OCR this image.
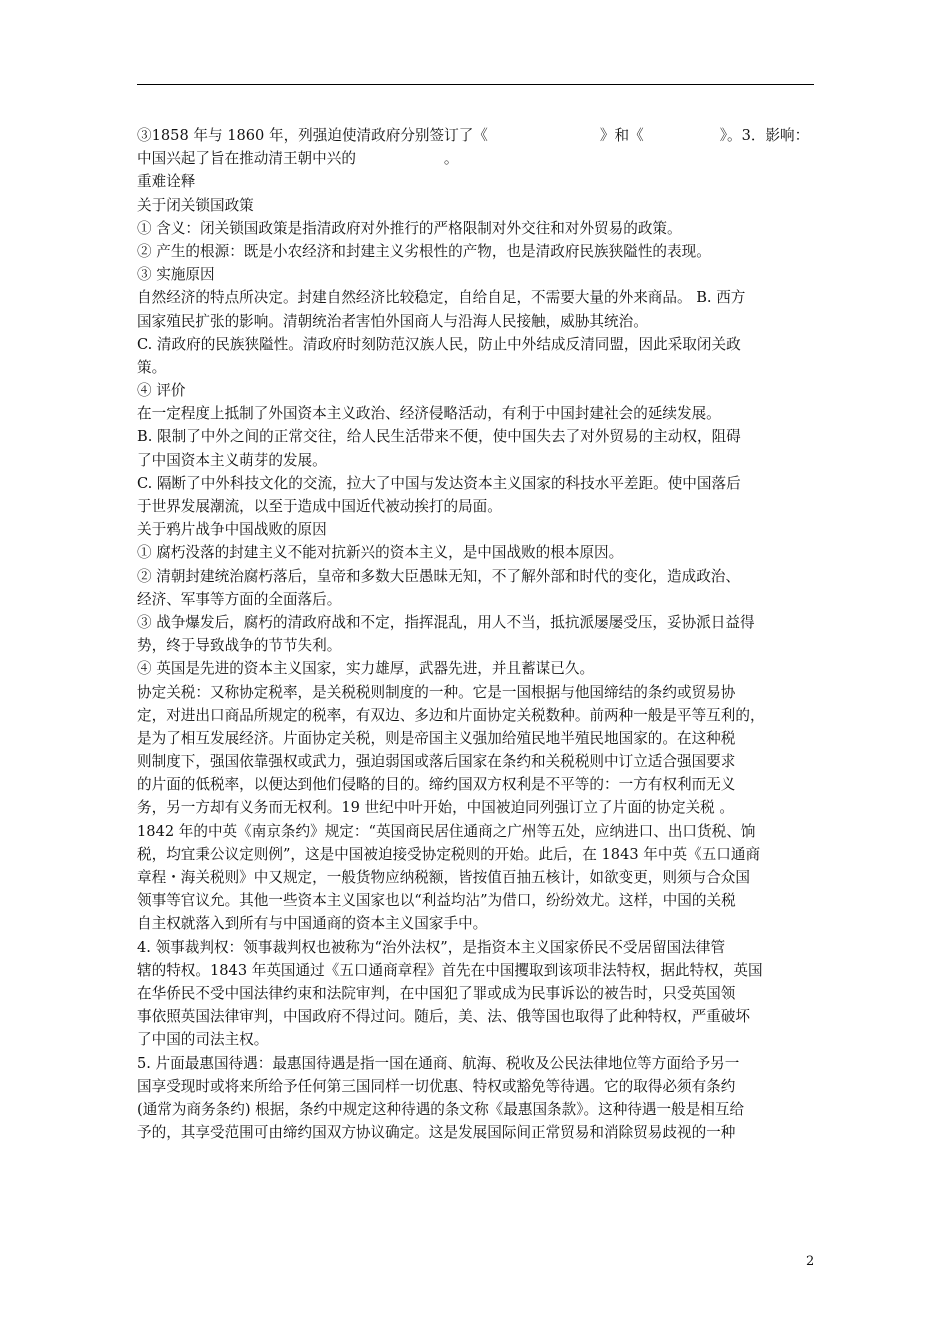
③1858 年与 1860 年，列强迫使清政府分别签订了《	》和《	》。3．影响：
中国兴起了旨在推动清王朝中兴的	。
重难诠释
关于闭关锁国政策
① 含义：闭关锁国政策是指清政府对外推行的严格限制对外交往和对外贸易的政策。
② 产生的根源：既是小农经济和封建主义劣根性的产物，也是清政府民族狭隘性的表现。
③ 实施原因
自然经济的特点所决定。封建自然经济比较稳定，自给自足，不需要大量的外来商品。 B. 西方
国家殖民扩张的影响。清朝统治者害怕外国商人与沿海人民接触，威胁其统治。
C. 清政府的民族狭隘性。清政府时刻防范汉族人民，防止中外结成反清同盟，因此采取闭关政
策。
④ 评价
在一定程度上抵制了外国资本主义政治、经济侵略活动，有利于中国封建社会的延续发展。
B. 限制了中外之间的正常交往，给人民生活带来不便，使中国失去了对外贸易的主动权，阻碍
了中国资本主义萌芽的发展。
C. 隔断了中外科技文化的交流，拉大了中国与发达资本主义国家的科技水平差距。使中国落后
于世界发展潮流，以至于造成中国近代被动挨打的局面。
关于鸦片战争中国战败的原因
① 腐朽没落的封建主义不能对抗新兴的资本主义，是中国战败的根本原因。
② 清朝封建统治腐朽落后，皇帝和多数大臣愚昧无知，不了解外部和时代的变化，造成政治、
经济、军事等方面的全面落后。
③ 战争爆发后，腐朽的清政府战和不定，指挥混乱，用人不当，抵抗派屡屡受压，妥协派日益得
势，终于导致战争的节节失利。
④ 英国是先进的资本主义国家，实力雄厚，武器先进，并且蓄谋已久。
协定关税：又称协定税率，是关税税则制度的一种。它是一国根据与他国缔结的条约或贸易协
定，对进出口商品所规定的税率，有双边、多边和片面协定关税数种。前两种一般是平等互利的，
是为了相互发展经济。片面协定关税，则是帝国主义强加给殖民地半殖民地国家的。在这种税
则制度下，强国依靠强权或武力，强迫弱国或落后国家在条约和关税税则中订立适合强国要求
的片面的低税率，以便达到他们侵略的目的。缔约国双方权利是不平等的：一方有权利而无义
务，另一方却有义务而无权利。19 世纪中叶开始，中国被迫同列强订立了片面的协定关税 。
1842 年的中英《南京条约》规定：“英国商民居住通商之广州等五处，应纳进口、出口货税、饷
税，均宜秉公议定则例”，这是中国被迫接受协定税则的开始。此后，在 1843 年中英《五口通商
章程・海关税则》中又规定，一般货物应纳税额，皆按值百抽五核计，如欲变更，则须与合众国
领事等官议允。其他一些资本主义国家也以“利益均沾”为借口，纷纷效尤。这样，中国的关税
自主权就落入到所有与中国通商的资本主义国家手中。
4. 领事裁判权：领事裁判权也被称为“治外法权”，是指资本主义国家侨民不受居留国法律管
辖的特权。1843 年英国通过《五口通商章程》首先在中国攫取到该项非法特权，据此特权，英国
在华侨民不受中国法律约束和法院审判，在中国犯了罪或成为民事诉讼的被告时，只受英国领
事依照英国法律审判，中国政府不得过问。随后，美、法、俄等国也取得了此种特权，严重破坏
了中国的司法主权。
5. 片面最惠国待遇：最惠国待遇是指一国在通商、航海、税收及公民法律地位等方面给予另一
国享受现时或将来所给予任何第三国同样一切优惠、特权或豁免等待遇。它的取得必须有条约
(通常为商务条约) 根据，条约中规定这种待遇的条文称《最惠国条款》。这种待遇一般是相互给
予的，其享受范围可由缔约国双方协议确定。这是发展国际间正常贸易和消除贸易歧视的一种
2
